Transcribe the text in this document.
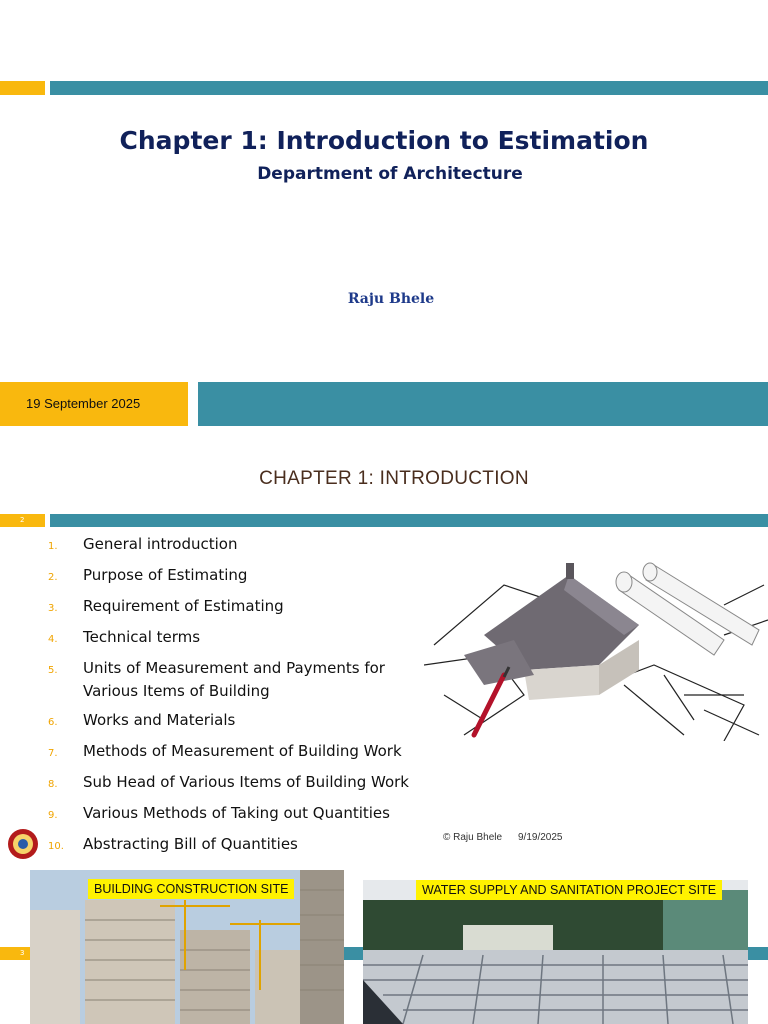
Chapter 1: Introduction to Estimation
Department of Architecture
Raju Bhele
19 September 2025
CHAPTER 1: INTRODUCTION
2
1.	General introduction
2.	Purpose of Estimating
3.	Requirement of Estimating
4.	Technical terms
5.	Units of Measurement and Payments for Various Items of Building
6.	Works and Materials
7.	Methods of Measurement of Building Work
8.	Sub Head of Various Items of Building Work
9.	Various Methods of Taking out Quantities
10.	Abstracting Bill of Quantities	© Raju Bhele 9/19/2025
3
BUILDING CONSTRUCTION SITE	WATER SUPPLY AND SANITATION PROJECT SITE
